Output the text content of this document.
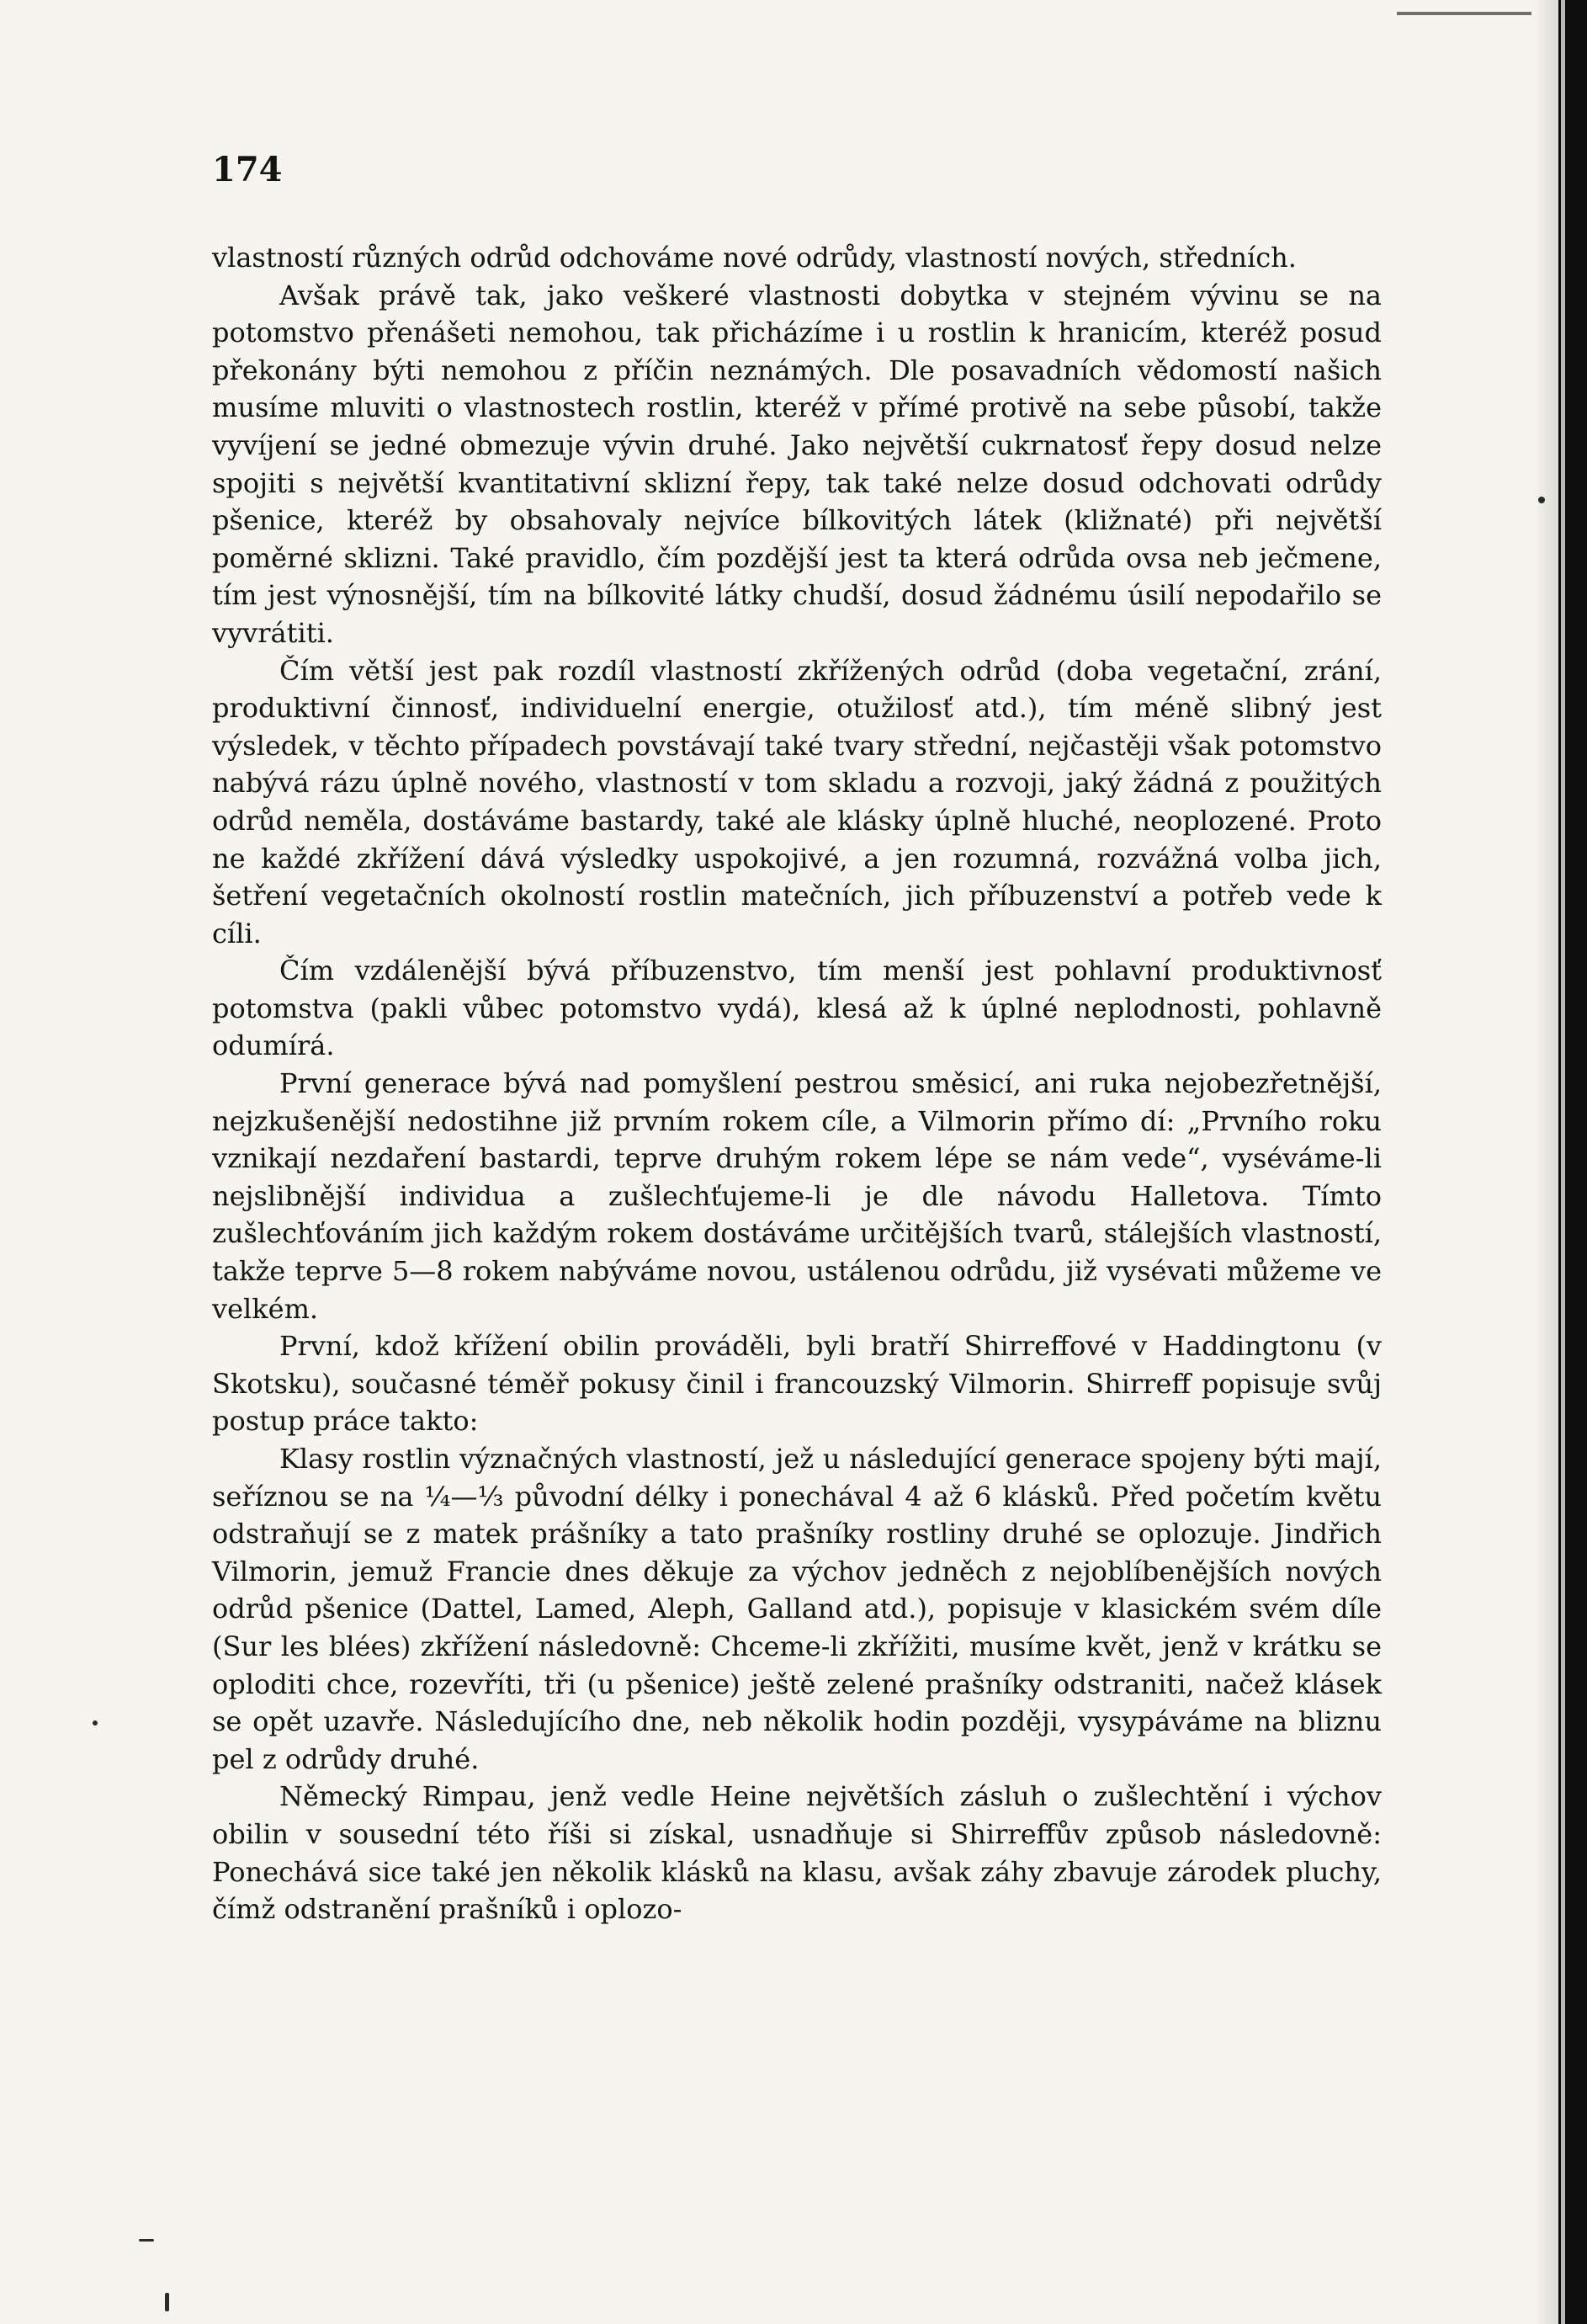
174

vlastností různých odrůd odchováme nové odrůdy, vlastností nových, středních.

Avšak právě tak, jako veškeré vlastnosti dobytka v stejném vývinu se na potomstvo přenášeti nemohou, tak přicházíme i u rostlin k hranicím, kteréž posud překonány býti nemohou z příčin neznámých. Dle posavadních vědomostí našich musíme mluviti o vlastnostech rostlin, kteréž v přímé protivě na sebe působí, takže vyvíjení se jedné obmezuje vývin druhé. Jako největší cukrnatosť řepy dosud nelze spojiti s největší kvantitativní sklizní řepy, tak také nelze dosud odchovati odrůdy pšenice, kteréž by obsahovaly nejvíce bílkovitých látek (kližnaté) při největší poměrné sklizni. Také pravidlo, čím pozdější jest ta která odrůda ovsa neb ječmene, tím jest výnosnější, tím na bílkovité látky chudší, dosud žádnému úsilí nepodařilo se vyvrátiti.

Čím větší jest pak rozdíl vlastností zkřížených odrůd (doba vegetační, zrání, produktivní činnosť, individuelní energie, otužilosť atd.), tím méně slibný jest výsledek, v těchto případech povstávají také tvary střední, nejčastěji však potomstvo nabývá rázu úplně nového, vlastností v tom skladu a rozvoji, jaký žádná z použitých odrůd neměla, dostáváme bastardy, také ale klásky úplně hluché, neoplozené. Proto ne každé zkřížení dává výsledky uspokojivé, a jen rozumná, rozvážná volba jich, šetření vegetačních okolností rostlin matečních, jich příbuzenství a potřeb vede k cíli.

Čím vzdálenější bývá příbuzenstvo, tím menší jest pohlavní produktivnosť potomstva (pakli vůbec potomstvo vydá), klesá až k úplné neplodnosti, pohlavně odumírá.

První generace bývá nad pomyšlení pestrou směsicí, ani ruka nejobezřetnější, nejzkušenější nedostihne již prvním rokem cíle, a Vilmorin přímo dí: „Prvního roku vznikají nezdaření bastardi, teprve druhým rokem lépe se nám vede“, vyséváme-li nejslibnější individua a zušlechťujeme-li je dle návodu Halletova. Tímto zušlechťováním jich každým rokem dostáváme určitějších tvarů, stálejších vlastností, takže teprve 5—8 rokem nabýváme novou, ustálenou odrůdu, již vysévati můžeme ve velkém.

První, kdož křížení obilin prováděli, byli bratří Shirreffové v Haddingtonu (v Skotsku), současné téměř pokusy činil i francouzský Vilmorin. Shirreff popisuje svůj postup práce takto:

Klasy rostlin význačných vlastností, jež u následující generace spojeny býti mají, seříznou se na ¼—⅓ původní délky i ponechával 4 až 6 klásků. Před početím květu odstraňují se z matek prášníky a tato prašníky rostliny druhé se oplozuje. Jindřich Vilmorin, jemuž Francie dnes děkuje za výchov jedněch z nejoblíbenějších nových odrůd pšenice (Dattel, Lamed, Aleph, Galland atd.), popisuje v klasickém svém díle (Sur les blées) zkřížení následovně: Chceme-li zkřížiti, musíme květ, jenž v krátku se oploditi chce, rozevříti, tři (u pšenice) ještě zelené prašníky odstraniti, načež klásek se opět uzavře. Následujícího dne, neb několik hodin později, vysypáváme na bliznu pel z odrůdy druhé.

Německý Rimpau, jenž vedle Heine největších zásluh o zušlechtění i výchov obilin v sousední této říši si získal, usnadňuje si Shirreffův způsob následovně: Ponechává sice také jen několik klásků na klasu, avšak záhy zbavuje zárodek pluchy, čímž odstranění prašníků i oplozo-
